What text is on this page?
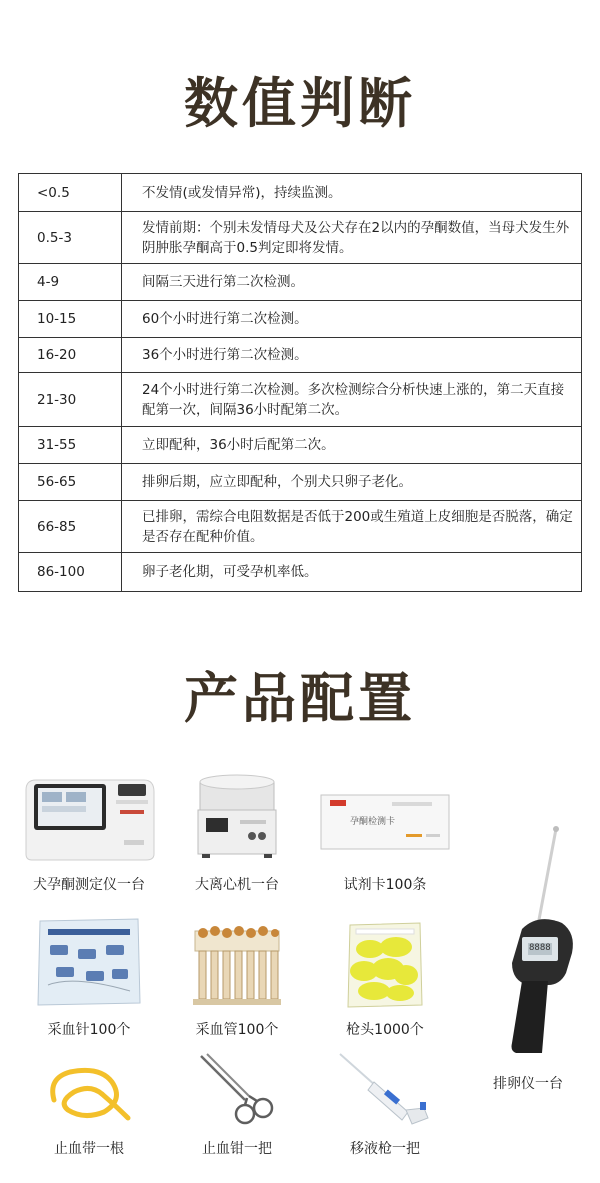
数值判断
<0.5	不发情(或发情异常)，持续监测。
0.5-3	发情前期：个别未发情母犬及公犬存在2以内的孕酮数值，当母犬发生外阴肿胀孕酮高于0.5判定即将发情。
4-9	间隔三天进行第二次检测。
10-15	60个小时进行第二次检测。
16-20	36个小时进行第二次检测。
21-30	24个小时进行第二次检测。多次检测综合分析快速上涨的，第二天直接配第一次，间隔36小时配第二次。
31-55	立即配种，36小时后配第二次。
56-65	排卵后期，应立即配种，个别犬只卵子老化。
66-85	已排卵，需综合电阻数据是否低于200或生殖道上皮细胞是否脱落，确定是否存在配种价值。
86-100	卵子老化期，可受孕机率低。
产品配置
犬孕酮测定仪一台	大离心机一台
孕酮检测卡
试剂卡100条
采血针100个	采血管100个	枪头1000个
8888
排卵仪一台
止血带一根	止血钳一把	移液枪一把
